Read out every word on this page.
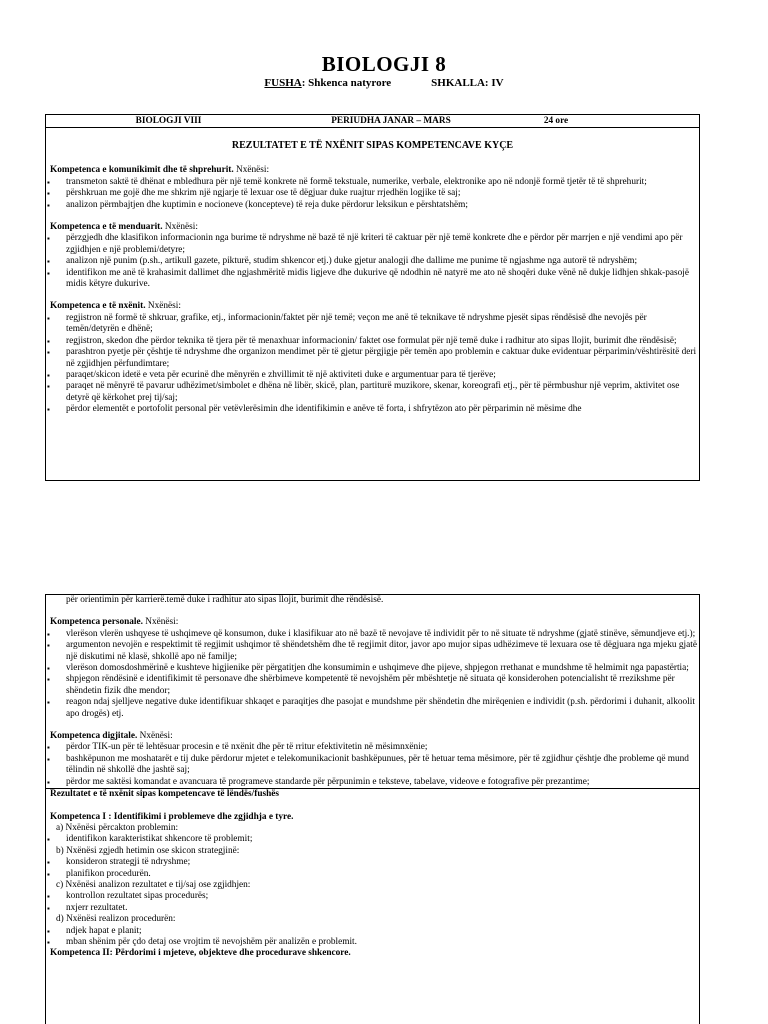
BIOLOGJI 8
FUSHA: Shkenca natyrore	SHKALLA: IV
BIOLOGJI VIII	PERIUDHA JANAR – MARS	24 ore
REZULTATET E TË NXËNIT SIPAS KOMPETENCAVE KYÇE
Kompetenca e komunikimit dhe të shprehurit. Nxënësi:
▪ transmeton saktë të dhënat e mbledhura për një temë konkrete në formë tekstuale, numerike, verbale, elektronike apo në ndonjë formë tjetër të të shprehurit;
▪ përshkruan me gojë dhe me shkrim një ngjarje të lexuar ose të dëgjuar duke ruajtur rrjedhën logjike të saj;
▪ analizon përmbajtjen dhe kuptimin e nocioneve (koncepteve) të reja duke përdorur leksikun e përshtatshëm;
Kompetenca e të menduarit. Nxënësi:
▪ përzgjedh dhe klasifikon informacionin nga burime të ndryshme në bazë të një kriteri të caktuar për një temë konkrete dhe e përdor për marrjen e një vendimi apo për zgjidhjen e një problemi/detyre;
▪ analizon një punim (p.sh., artikull gazete, pikturë, studim shkencor etj.) duke gjetur analogji dhe dallime me punime të ngjashme nga autorë të ndryshëm;
▪ identifikon me anë të krahasimit dallimet dhe ngjashmëritë midis ligjeve dhe dukurive që ndodhin në natyrë me ato në shoqëri duke vënë në dukje lidhjen shkak-pasojë midis këtyre dukurive.
Kompetenca e të nxënit. Nxënësi:
▪ regjistron në formë të shkruar, grafike, etj., informacionin/faktet për një temë; veçon me anë të teknikave të ndryshme pjesët sipas rëndësisë dhe nevojës për temën/detyrën e dhënë;
▪ regjistron, skedon dhe përdor teknika të tjera për të menaxhuar informacionin/ faktet ose formulat për një temë duke i radhitur ato sipas llojit, burimit dhe rëndësisë;
▪ parashtron pyetje për çështje të ndryshme dhe organizon mendimet për të gjetur përgjigje për temën apo problemin e caktuar duke evidentuar përparimin/vështirësitë deri në zgjidhjen përfundimtare;
▪ paraqet/skicon idetë e veta për ecurinë dhe mënyrën e zhvillimit të një aktiviteti duke e argumentuar para të tjerëve;
▪ paraqet në mënyrë të pavarur udhëzimet/simbolet e dhëna në libër, skicë, plan, partiturë muzikore, skenar, koreografi etj., për të përmbushur një veprim, aktivitet ose detyrë që kërkohet prej tij/saj;
▪ përdor elementët e portofolit personal për vetëvlerësimin dhe identifikimin e anëve të forta, i shfrytëzon ato për përparimin në mësime dhe
për orientimin për karrierë.temë duke i radhitur ato sipas llojit, burimit dhe rëndësisë.
Kompetenca personale. Nxënësi:
▪ vlerëson vlerën ushqyese të ushqimeve që konsumon, duke i klasifikuar ato në bazë të nevojave të individit për to në situate të ndryshme (gjatë stinëve, sëmundjeve etj.);
▪ argumenton nevojën e respektimit të regjimit ushqimor të shëndetshëm dhe të regjimit ditor, javor apo mujor sipas udhëzimeve të lexuara ose të dëgjuara nga mjeku gjatë një diskutimi në klasë, shkollë apo në familje;
▪ vlerëson domosdoshmërinë e kushteve higjienike për përgatitjen dhe konsumimin e ushqimeve dhe pijeve, shpjegon rrethanat e mundshme të helmimit nga papastërtia;
▪ shpjegon rëndësinë e identifikimit të personave dhe shërbimeve kompetentë të nevojshëm për mbështetje në situata që konsiderohen potencialisht të rrezikshme për shëndetin fizik dhe mendor;
▪ reagon ndaj sjelljeve negative duke identifikuar shkaqet e paraqitjes dhe pasojat e mundshme për shëndetin dhe mirëqenien e individit (p.sh. përdorimi i duhanit, alkoolit apo drogës) etj.
Kompetenca digjitale. Nxënësi:
▪ përdor TIK-un për të lehtësuar procesin e të nxënit dhe për të rritur efektivitetin në mësimnxënie;
▪ bashkëpunon me moshatarët e tij duke përdorur mjetet e telekomunikacionit bashkëpunues, për të hetuar tema mësimore, për të zgjidhur çështje dhe probleme që mund tëlindin në shkollë dhe jashtë saj;
▪ përdor me saktësi komandat e avancuara të programeve standarde për përpunimin e teksteve, tabelave, videove e fotografive për prezantime;
Rezultatet e të nxënit sipas kompetencave të lëndës/fushës
Kompetenca I : Identifikimi i problemeve dhe zgjidhja e tyre.
a) Nxënësi përcakton problemin:
▪ identifikon karakteristikat shkencore të problemit;
b) Nxënësi zgjedh hetimin ose skicon strategjinë:
▪ konsideron strategji të ndryshme;
▪ planifikon procedurën.
c) Nxënësi analizon rezultatet e tij/saj ose zgjidhjen:
▪ kontrollon rezultatet sipas procedurës;
▪ nxjerr rezultatet.
d) Nxënësi realizon procedurën:
▪ ndjek hapat e planit;
▪ mban shënim për çdo detaj ose vrojtim të nevojshëm për analizën e problemit.
Kompetenca II: Përdorimi i mjeteve, objekteve dhe procedurave shkencore.
